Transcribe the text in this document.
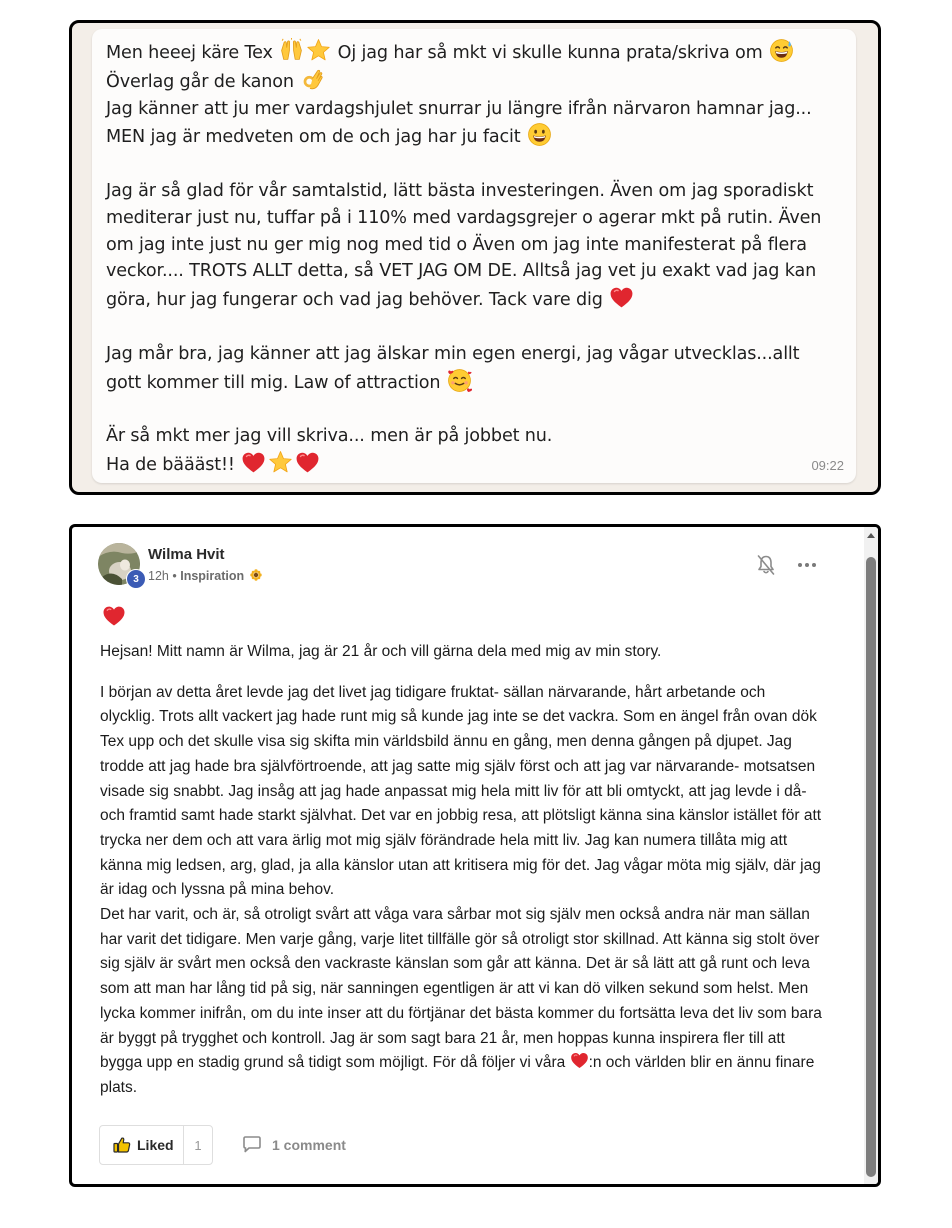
Men heeej käre Tex	Oj jag har så mkt vi skulle kunna prata/skriva om

Överlag går de kanon

Jag känner att ju mer vardagshjulet snurrar ju längre ifrån närvaron hamnar jag...

MEN jag är medveten om de och jag har ju facit

Jag är så glad för vår samtalstid, lätt bästa investeringen. Även om jag sporadiskt mediterar just nu, tuffar på i 110% med vardagsgrejer o agerar mkt på rutin. Även om jag inte just nu ger mig nog med tid o Även om jag inte manifesterat på flera veckor.... TROTS ALLT detta, så VET JAG OM DE. Alltså jag vet ju exakt vad jag kan göra, hur jag fungerar och vad jag behöver. Tack vare dig

Jag mår bra, jag känner att jag älskar min egen energi, jag vågar utvecklas...allt gott kommer till mig. Law of attraction

Är så mkt mer jag vill skriva... men är på jobbet nu.

Ha de bäääst!!	09:22
3
Wilma Hvit
12h • Inspiration

Hejsan! Mitt namn är Wilma, jag är 21 år och vill gärna dela med mig av min story.

I början av detta året levde jag det livet jag tidigare fruktat- sällan närvarande, hårt arbetande och olycklig. Trots allt vackert jag hade runt mig så kunde jag inte se det vackra. Som en ängel från ovan dök Tex upp och det skulle visa sig skifta min världsbild ännu en gång, men denna gången på djupet. Jag trodde att jag hade bra självförtroende, att jag satte mig själv först och att jag var närvarande- motsatsen visade sig snabbt. Jag insåg att jag hade anpassat mig hela mitt liv för att bli omtyckt, att jag levde i då- och framtid samt hade starkt självhat. Det var en jobbig resa, att plötsligt känna sina känslor istället för att trycka ner dem och att vara ärlig mot mig själv förändrade hela mitt liv. Jag kan numera tillåta mig att känna mig ledsen, arg, glad, ja alla känslor utan att kritisera mig för det. Jag vågar möta mig själv, där jag är idag och lyssna på mina behov.

Det har varit, och är, så otroligt svårt att våga vara sårbar mot sig själv men också andra när man sällan har varit det tidigare. Men varje gång, varje litet tillfälle gör så otroligt stor skillnad. Att känna sig stolt över sig själv är svårt men också den vackraste känslan som går att känna. Det är så lätt att gå runt och leva som att man har lång tid på sig, när sanningen egentligen är att vi kan dö vilken sekund som helst. Men lycka kommer inifrån, om du inte inser att du förtjänar det bästa kommer du fortsätta leva det liv som bara är byggt på trygghet och kontroll. Jag är som sagt bara 21 år, men hoppas kunna inspirera fler till att bygga upp en stadig grund så tidigt som möjligt. För då följer vi våra :n och världen blir en ännu finare plats.

Liked	1	1 comment
